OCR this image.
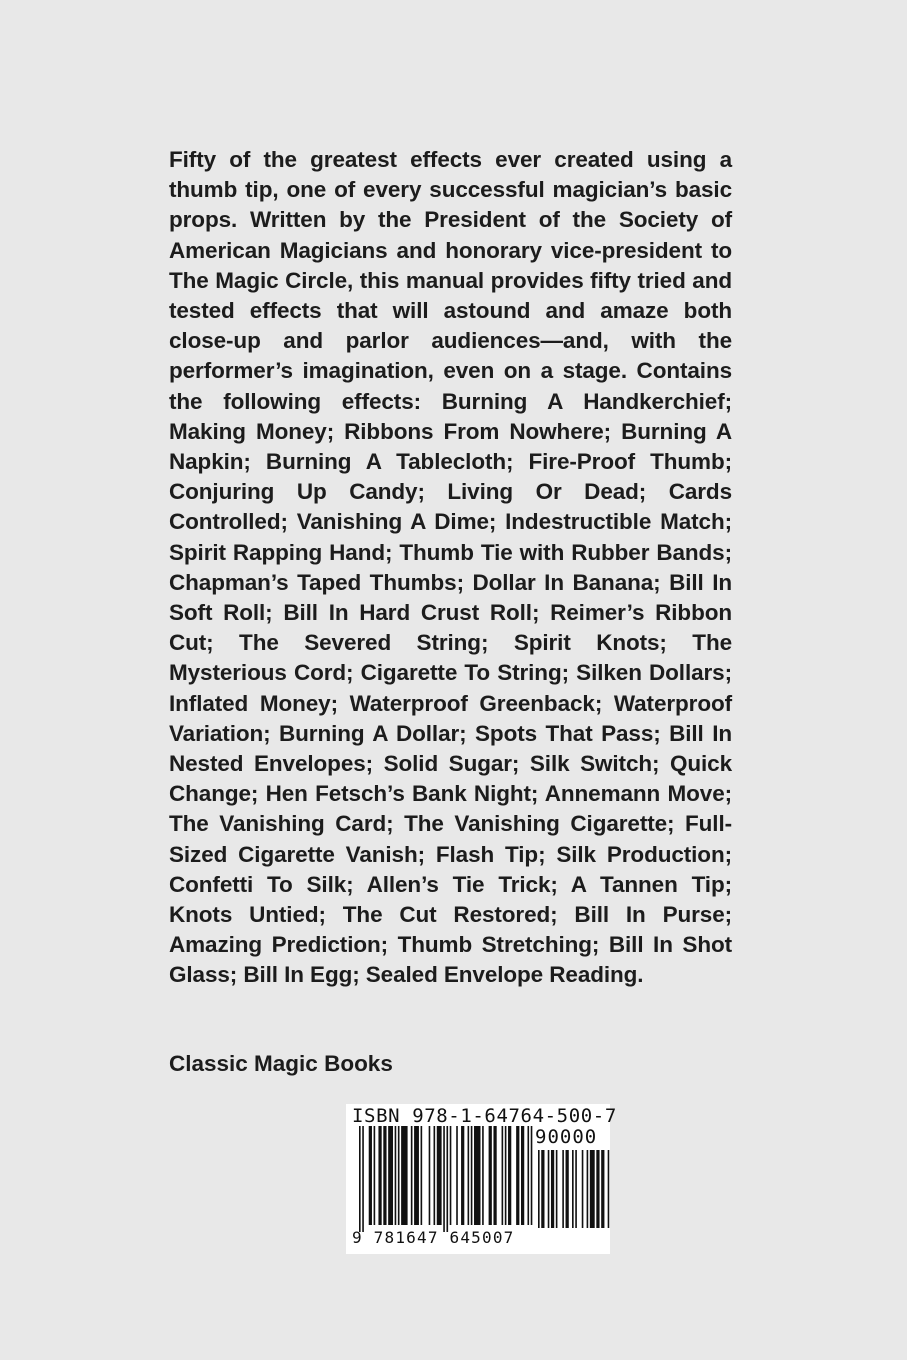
Fifty of the greatest effects ever created using a thumb tip, one of every successful magician’s basic props. Written by the President of the Society of American Magicians and honorary vice-president to The Magic Circle, this manual provides fifty tried and tested effects that will astound and amaze both close-up and parlor audiences—and, with the performer’s imagination, even on a stage. Contains the following effects: Burning A Handkerchief; Making Money; Ribbons From Nowhere; Burning A Napkin; Burning A Tablecloth; Fire-Proof Thumb; Conjuring Up Candy; Living Or Dead; Cards Controlled; Vanishing A Dime; Indestructible Match; Spirit Rapping Hand; Thumb Tie with Rubber Bands; Chapman’s Taped Thumbs; Dollar In Banana; Bill In Soft Roll; Bill In Hard Crust Roll; Reimer’s Ribbon Cut; The Severed String; Spirit Knots; The Mysterious Cord; Cigarette To String; Silken Dollars; Inflated Money; Waterproof Greenback; Waterproof Variation; Burning A Dollar; Spots That Pass; Bill In Nested Envelopes; Solid Sugar; Silk Switch; Quick Change; Hen Fetsch’s Bank Night; Annemann Move; The Vanishing Card; The Vanishing Cigarette; Full-Sized Cigarette Vanish; Flash Tip; Silk Production; Confetti To Silk; Allen’s Tie Trick; A Tannen Tip; Knots Untied; The Cut Restored; Bill In Purse; Amazing Prediction; Thumb Stretching; Bill In Shot Glass; Bill In Egg; Sealed Envelope Reading.

Classic Magic Books

ISBN 978-1-64764-500-7
90000
9 781647 645007
